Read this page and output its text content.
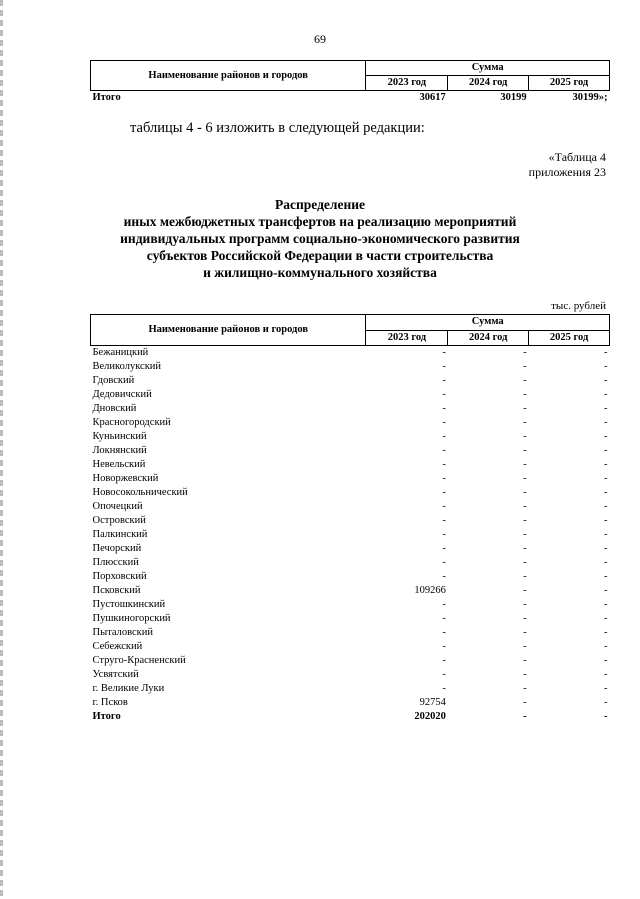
69
Наименование районов и городов	Сумма		
	2023 год	2024 год	2025 год
Итого	30617	30199	30199»;
таблицы 4 - 6 изложить в следующей редакции:
«Таблица 4
приложения 23
Распределение
иных межбюджетных трансфертов на реализацию мероприятий
индивидуальных программ социально-экономического развития
субъектов Российской Федерации в части строительства
и жилищно-коммунального хозяйства
тыс. рублей
Наименование районов и городов	Сумма		
	2023 год	2024 год	2025 год
Бежаницкий	-	-	-
Великолукский	-	-	-
Гдовский	-	-	-
Дедовичский	-	-	-
Дновский	-	-	-
Красногородский	-	-	-
Куньинский	-	-	-
Локнянский	-	-	-
Невельский	-	-	-
Новоржевский	-	-	-
Новосокольнический	-	-	-
Опочецкий	-	-	-
Островский	-	-	-
Палкинский	-	-	-
Печорский	-	-	-
Плюсский	-	-	-
Порховский	-	-	-
Псковский	109266	-	-
Пустошкинский	-	-	-
Пушкиногорский	-	-	-
Пыталовский	-	-	-
Себежский	-	-	-
Струго-Красненский	-	-	-
Усвятский	-	-	-
г. Великие Луки	-	-	-
г. Псков	92754	-	-
Итого	202020	-	-
